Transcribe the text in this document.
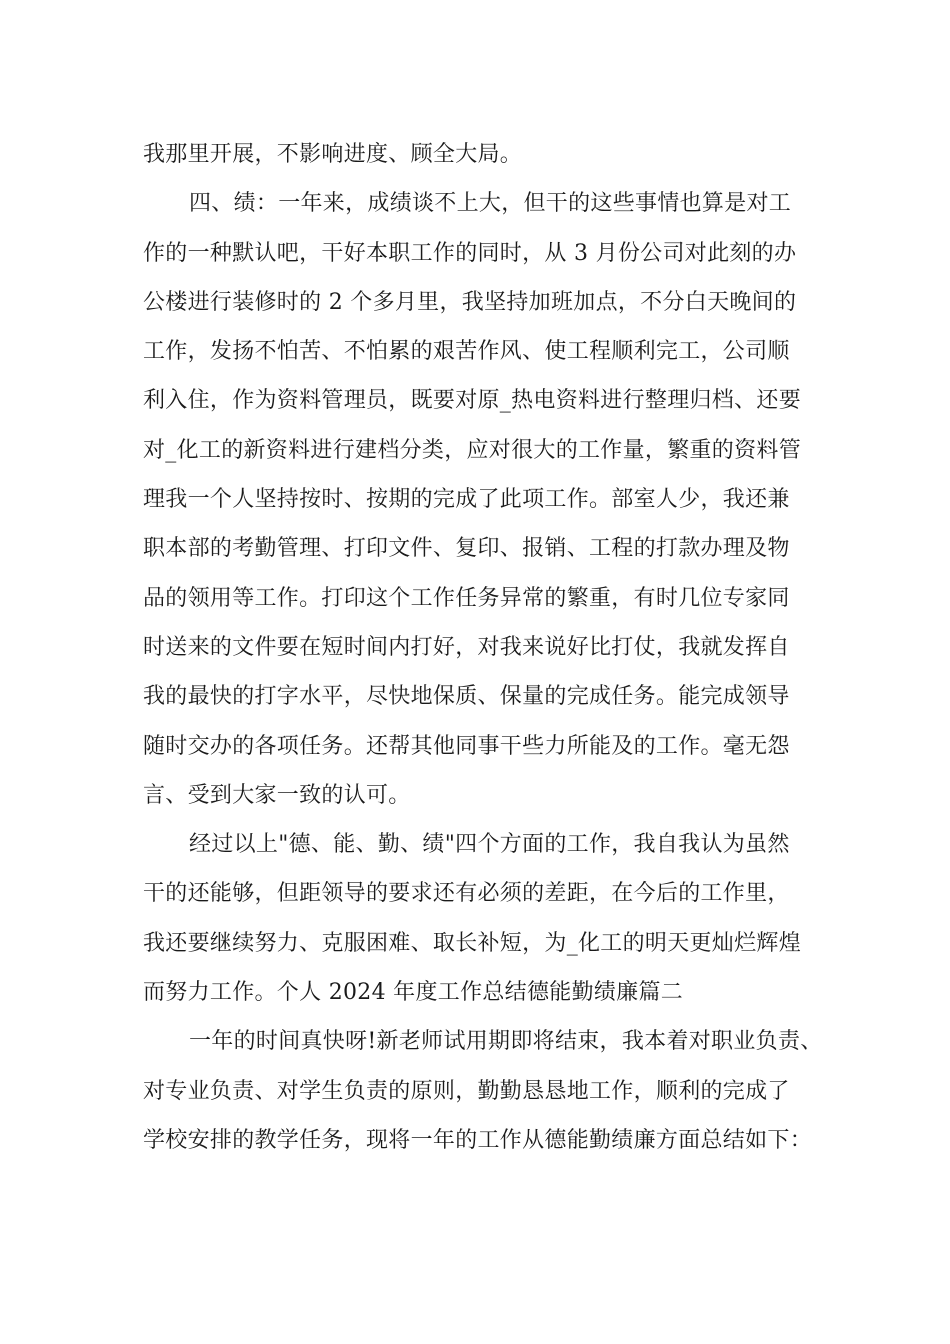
我那里开展，不影响进度、顾全大局。
四、绩：一年来，成绩谈不上大，但干的这些事情也算是对工
作的一种默认吧，干好本职工作的同时，从 3 月份公司对此刻的办
公楼进行装修时的 2 个多月里，我坚持加班加点，不分白天晚间的
工作，发扬不怕苦、不怕累的艰苦作风、使工程顺利完工，公司顺
利入住，作为资料管理员，既要对原_热电资料进行整理归档、还要
对_化工的新资料进行建档分类，应对很大的工作量，繁重的资料管
理我一个人坚持按时、按期的完成了此项工作。部室人少，我还兼
职本部的考勤管理、打印文件、复印、报销、工程的打款办理及物
品的领用等工作。打印这个工作任务异常的繁重，有时几位专家同
时送来的文件要在短时间内打好，对我来说好比打仗，我就发挥自
我的最快的打字水平，尽快地保质、保量的完成任务。能完成领导
随时交办的各项任务。还帮其他同事干些力所能及的工作。毫无怨
言、受到大家一致的认可。
经过以上"德、能、勤、绩"四个方面的工作，我自我认为虽然
干的还能够，但距领导的要求还有必须的差距，在今后的工作里，
我还要继续努力、克服困难、取长补短，为_化工的明天更灿烂辉煌
而努力工作。个人 2024 年度工作总结德能勤绩廉篇二
一年的时间真快呀!新老师试用期即将结束，我本着对职业负责、
对专业负责、对学生负责的原则，勤勤恳恳地工作，顺利的完成了
学校安排的教学任务，现将一年的工作从德能勤绩廉方面总结如下：
